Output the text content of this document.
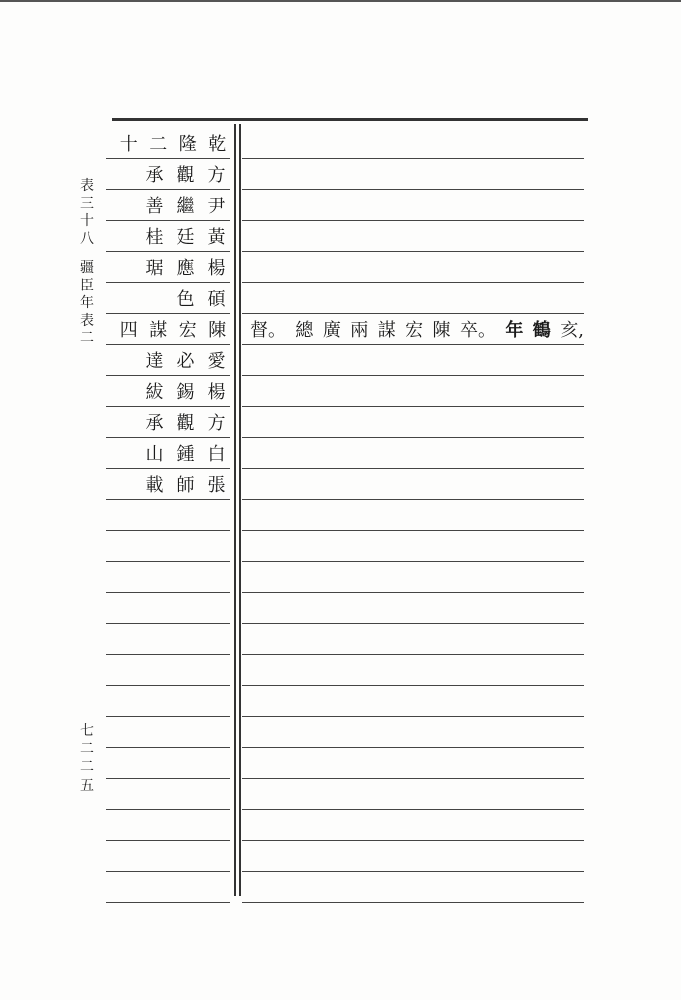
表
三
十
八
疆
臣
年
表
二
七
二
二
五
十 二 隆 乾
承 觀 方
善 繼 尹
桂 廷 黃
琚 應 楊
色 碩
四 謀 宏 陳	督。 總 廣 兩 謀 宏 陳 卒。 年 鶴 亥,
達 必 愛
紱 錫 楊
承 觀 方
山 鍾 白
載 師 張
